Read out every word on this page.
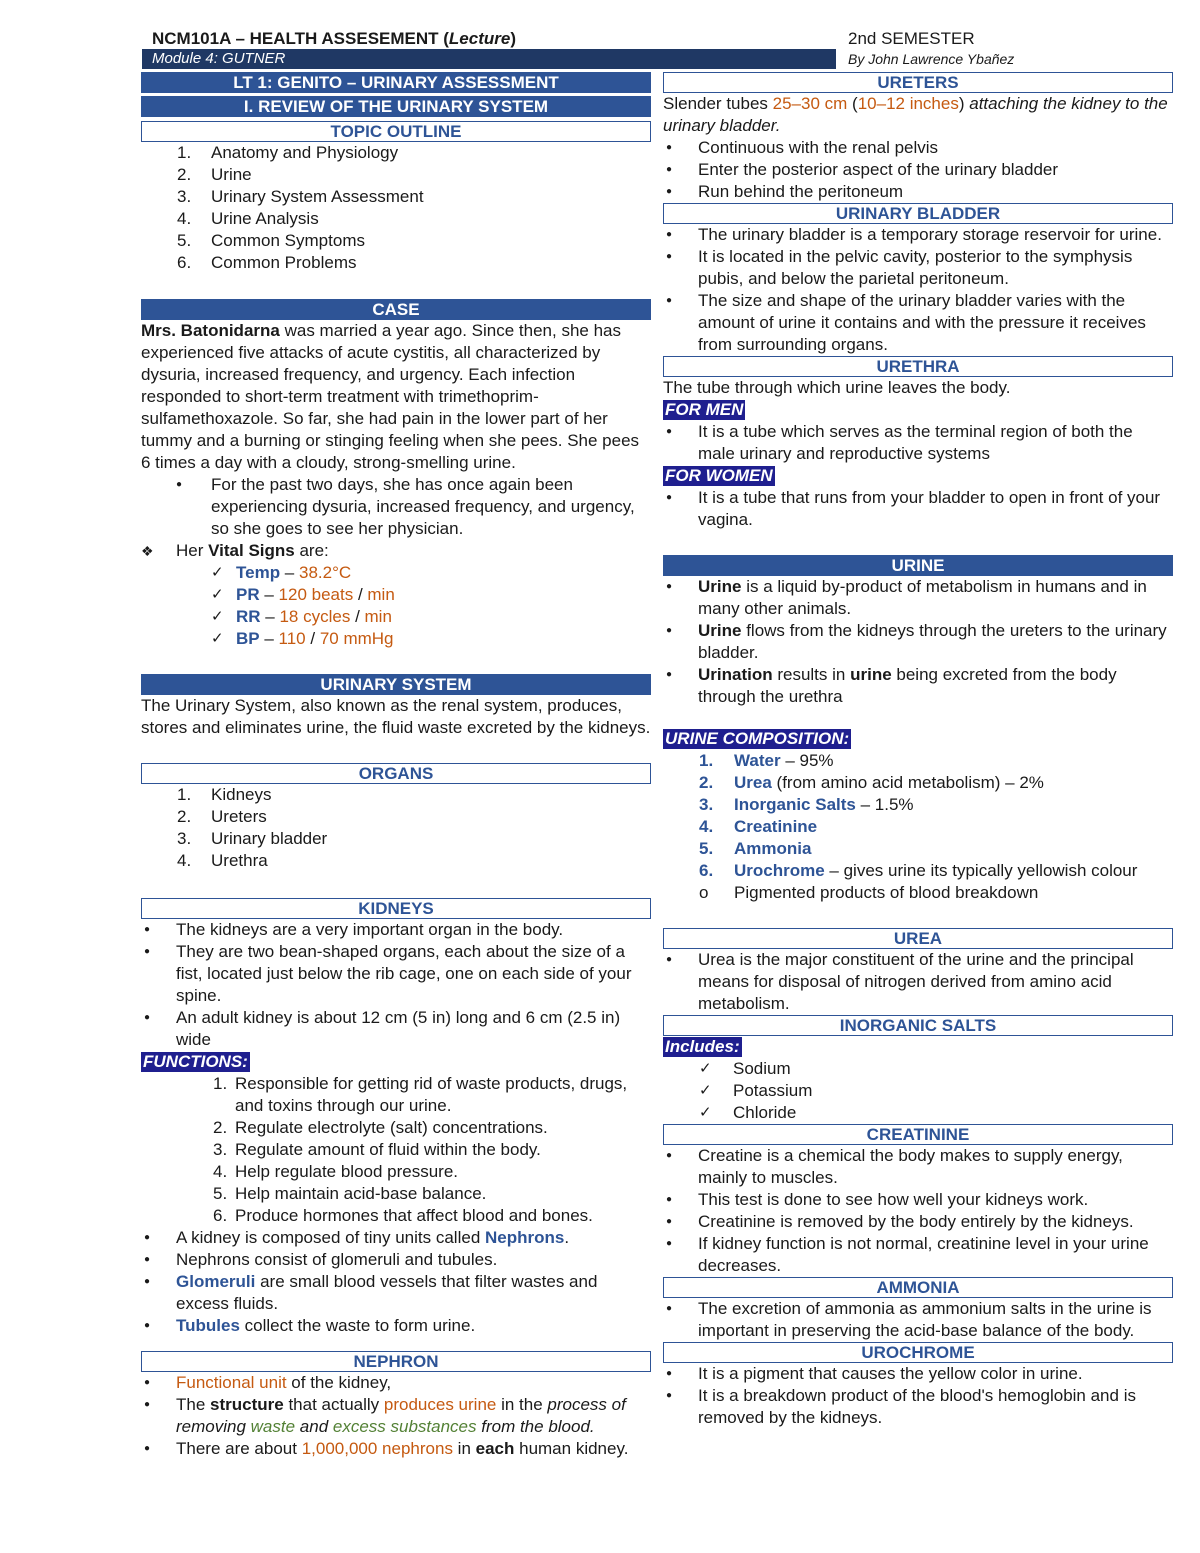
NCM101A – HEALTH ASSESEMENT (Lecture)	2nd SEMESTER
Module 4: GUTNER	By John Lawrence Ybañez
LT 1: GENITO – URINARY ASSESSMENT
I. REVIEW OF THE URINARY SYSTEM
TOPIC OUTLINE
1. Anatomy and Physiology
2. Urine
3. Urinary System Assessment
4. Urine Analysis
5. Common Symptoms
6. Common Problems
CASE

Mrs. Batonidarna was married a year ago. Since then, she has experienced five attacks of acute cystitis, all characterized by dysuria, increased frequency, and urgency. Each infection responded to short-term treatment with trimethoprim-sulfamethoxazole. So far, she had pain in the lower part of her tummy and a burning or stinging feeling when she pees. She pees 6 times a day with a cloudy, strong-smelling urine.

● For the past two days, she has once again been experiencing dysuria, increased frequency, and urgency, so she goes to see her physician.
❖ Her Vital Signs are:
✓ Temp – 38.2°C
✓ PR – 120 beats / min
✓ RR – 18 cycles / min
✓ BP – 110 / 70 mmHg
URINARY SYSTEM

The Urinary System, also known as the renal system, produces, stores and eliminates urine, the fluid waste excreted by the kidneys.

ORGANS
1. Kidneys
2. Ureters
3. Urinary bladder
4. Urethra
KIDNEYS
● The kidneys are a very important organ in the body.
● They are two bean-shaped organs, each about the size of a fist, located just below the rib cage, one on each side of your spine.
● An adult kidney is about 12 cm (5 in) long and 6 cm (2.5 in) wide
FUNCTIONS:
1. Responsible for getting rid of waste products, drugs, and toxins through our urine.
2. Regulate electrolyte (salt) concentrations.
3. Regulate amount of fluid within the body.
4. Help regulate blood pressure.
5. Help maintain acid-base balance.
6. Produce hormones that affect blood and bones.
● A kidney is composed of tiny units called Nephrons.
● Nephrons consist of glomeruli and tubules.
● Glomeruli are small blood vessels that filter wastes and excess fluids.
● Tubules collect the waste to form urine.
NEPHRON
● Functional unit of the kidney,
● The structure that actually produces urine in the process of removing waste and excess substances from the blood.
● There are about 1,000,000 nephrons in each human kidney.
URETERS

Slender tubes 25–30 cm (10–12 inches) attaching the kidney to the urinary bladder.

● Continuous with the renal pelvis
● Enter the posterior aspect of the urinary bladder
● Run behind the peritoneum
URINARY BLADDER
● The urinary bladder is a temporary storage reservoir for urine.
● It is located in the pelvic cavity, posterior to the symphysis pubis, and below the parietal peritoneum.
● The size and shape of the urinary bladder varies with the amount of urine it contains and with the pressure it receives from surrounding organs.
URETHRA

The tube through which urine leaves the body.

FOR MEN
● It is a tube which serves as the terminal region of both the male urinary and reproductive systems
FOR WOMEN
● It is a tube that runs from your bladder to open in front of your vagina.
URINE
● Urine is a liquid by-product of metabolism in humans and in many other animals.
● Urine flows from the kidneys through the ureters to the urinary bladder.
● Urination results in urine being excreted from the body through the urethra
URINE COMPOSITION:
1. Water – 95%
2. Urea (from amino acid metabolism) – 2%
3. Inorganic Salts – 1.5%
4. Creatinine
5. Ammonia
6. Urochrome – gives urine its typically yellowish colour
o Pigmented products of blood breakdown
UREA
● Urea is the major constituent of the urine and the principal means for disposal of nitrogen derived from amino acid metabolism.
INORGANIC SALTS
Includes:
✓ Sodium
✓ Potassium
✓ Chloride
CREATININE
● Creatine is a chemical the body makes to supply energy, mainly to muscles.
● This test is done to see how well your kidneys work.
● Creatinine is removed by the body entirely by the kidneys.
● If kidney function is not normal, creatinine level in your urine decreases.
AMMONIA
● The excretion of ammonia as ammonium salts in the urine is important in preserving the acid-base balance of the body.
UROCHROME
● It is a pigment that causes the yellow color in urine.
● It is a breakdown product of the blood's hemoglobin and is removed by the kidneys.
